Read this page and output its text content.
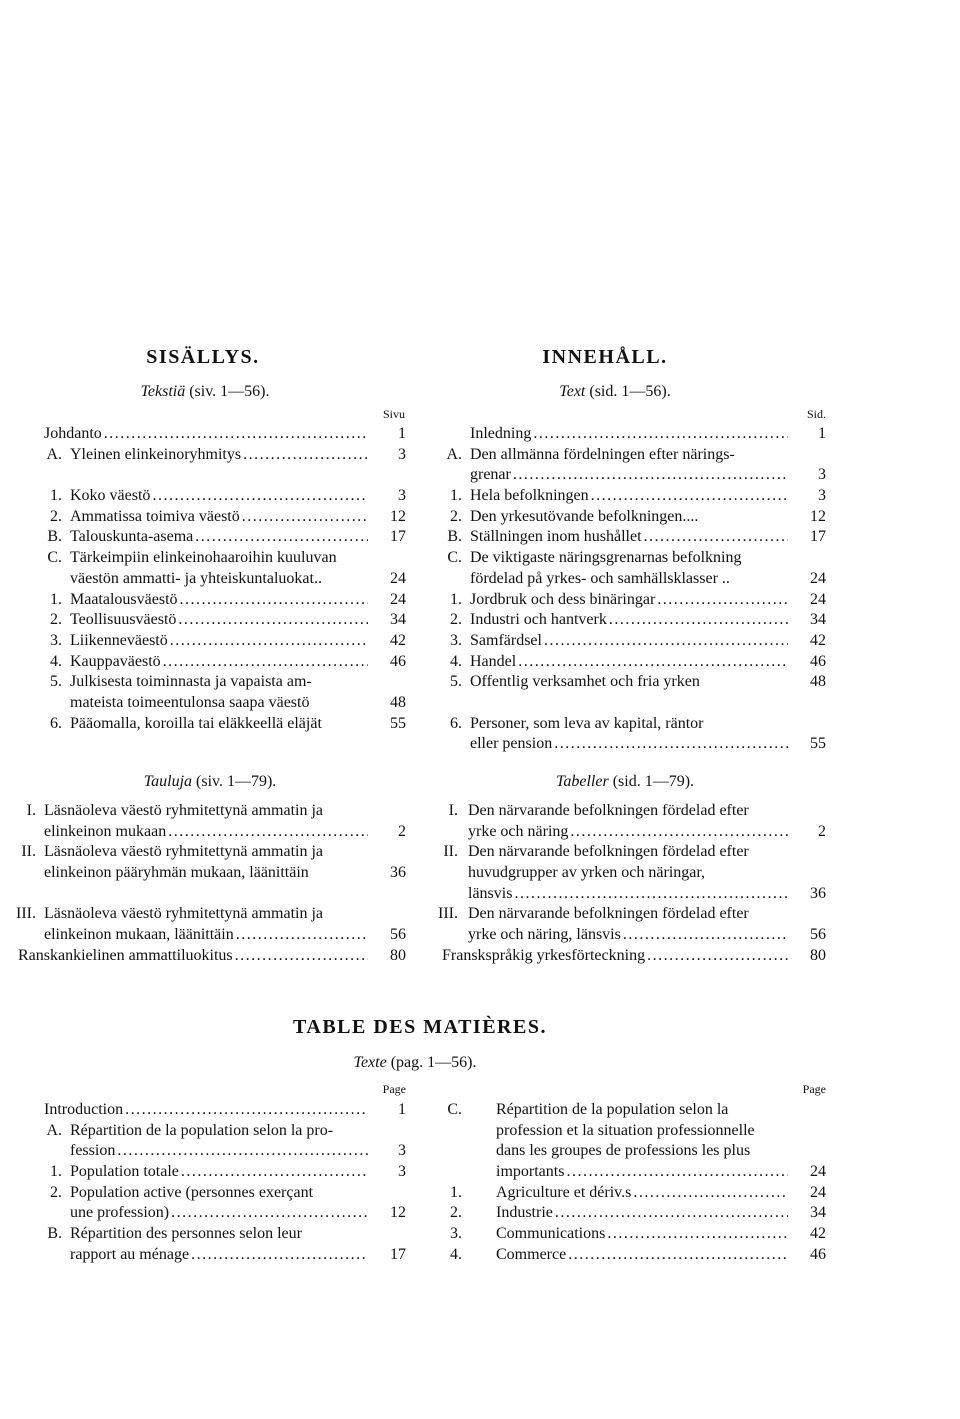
SISÄLLYS.
Tekstiä (siv. 1—56).
Sivu
Johdanto .....	1
A. Yleinen elinkeinoryhmitys .....	3
1. Koko väestö .....	3
2. Ammatissa toimiva väestö .....	12
B. Talouskunta-asema .....	17
C. Tärkeimpiin elinkeinohaaroihin kuuluvan
väestön ammatti- ja yhteiskuntaluokat..	24
1. Maatalousväestö .....	24
2. Teollisuusväestö .....	34
3. Liikenneväestö .....	42
4. Kauppaväestö .....	46
5. Julkisesta toiminnasta ja vapaista am-
mateista toimeentulonsa saapa väestö	48
6. Pääomalla, koroilla tai eläkkeellä eläjät	55
Tauluja (siv. 1—79).
I. Läsnäoleva väestö ryhmitettynä ammatin ja
elinkeinon mukaan .....	2
II. Läsnäoleva väestö ryhmitettynä ammatin ja
elinkeinon pääryhmän mukaan, läänittäin	36
III. Läsnäoleva väestö ryhmitettynä ammatin ja
elinkeinon mukaan, läänittäin .....	56
Ranskankielinen ammattiluokitus .....	80
INNEHÅLL.
Text (sid. 1—56).
Sid.
Inledning .....	1
A. Den allmänna fördelningen efter närings-
grenar .....	3
1. Hela befolkningen .....	3
2. Den yrkesutövande befolkningen....	12
B. Ställningen inom hushållet .....	17
C. De viktigaste näringsgrenarnas befolkning
fördelad på yrkes- och samhällsklasser ..	24
1. Jordbruk och dess binäringar .....	24
2. Industri och hantverk .....	34
3. Samfärdsel .....	42
4. Handel .....	46
5. Offentlig verksamhet och fria yrken	48
6. Personer, som leva av kapital, räntor
eller pension .....	55
Tabeller (sid. 1—79).
I. Den närvarande befolkningen fördelad efter
yrke och näring .....	2
II. Den närvarande befolkningen fördelad efter
huvudgrupper av yrken och näringar,
länsvis .....	36
III. Den närvarande befolkningen fördelad efter
yrke och näring, länsvis .....	56
Franskspråkig yrkesförteckning .....	80
TABLE DES MATIÈRES.
Texte (pag. 1—56).
Page	Page
Introduction .....	1
A. Répartition de la population selon la pro-
fession .....	3
1. Population totale .....	3
2. Population active (personnes exerçant
une profession) .....	12
B. Répartition des personnes selon leur
rapport au ménage .....	17
C. Répartition de la population selon la
profession et la situation professionnelle
dans les groupes de professions les plus
importants .....	24
1. Agriculture et dériv.s .....	24
2. Industrie .....	34
3. Communications .....	42
4. Commerce .....	46
